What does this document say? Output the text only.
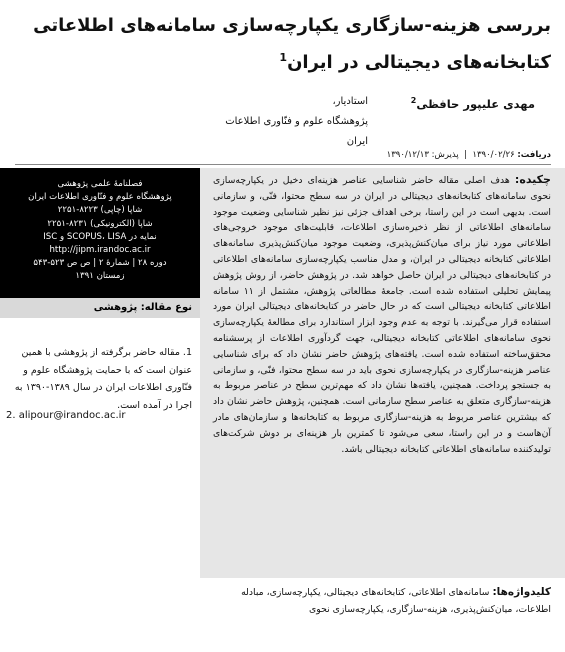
بررسی هزینه-سازگاری یکپارچه‌سازی سامانه‌های اطلاعاتی کتابخانه‌های دیجیتالی در ایران$^1$
مهدی علیپور حافظی$^2$
استادیار،
پژوهشگاه علوم و فنّاوری اطلاعات ایران
دریافت: ۱۳۹۰/۰۲/۲۶  |  پذیرش: ۱۳۹۰/۱۲/۱۳
فصلنامهٔ علمی پژوهشی
پژوهشگاه علوم و فنّاوری اطلاعات ایران
شاپا (چاپی) ۸۲۲۳-۲۲۵۱
شاپا (الکترونیکی) ۸۲۳۱-۲۲۵۱
نمایه در SCOPUS، LISA و ISC
http://jipm.irandoc.ac.ir
دوره ۲۸ | شمارهٔ ۲ | ص ص ۵۲۳-۵۴۳
زمستان ۱۳۹۱
نوع مقاله: پژوهشی
1. مقاله حاضر برگرفته از پژوهشی با همین عنوان است که با حمایت پژوهشگاه علوم و فنّاوری اطلاعات ایران در سال ۱۳۸۹-۱۳۹۰ به اجرا در آمده است.
2. alipour@irandoc.ac.ir
چکیده: هدف اصلی مقاله حاضر شناسایی عناصر هزینه‌ای دخیل در یکپارچه‌سازی نحوی سامانه‌های کتابخانه‌های دیجیتالی در ایران در سه سطح محتوا، فنّی، و سازمانی است. بدیهی است در این راستا، برخی اهداف جزئی نیز نظیر شناسایی وضعیت موجود سامانه‌های اطلاعاتی از نظر ذخیره‌سازی اطلاعات، قابلیت‌های موجود خروجی‌های اطلاعاتی مورد نیاز برای میان‌کنش‌پذیری، وضعیت موجود میان‌کنش‌پذیری سامانه‌های اطلاعاتی کتابخانه دیجیتالی در ایران، و مدل مناسب یکپارچه‌سازی سامانه‌های اطلاعاتی در کتابخانه‌های دیجیتالی در ایران حاصل خواهد شد. در پژوهش حاضر، از روش پژوهش پیمایش تحلیلی استفاده شده است. جامعهٔ مطالعاتی پژوهش، مشتمل از ۱۱ سامانه اطلاعاتی کتابخانه دیجیتالی است که در حال حاضر در کتابخانه‌های دیجیتالی ایران مورد استفاده قرار می‌گیرند. با توجه به عدم وجود ابزار استاندارد برای مطالعهٔ یکپارچه‌سازی نحوی سامانه‌های اطلاعاتی کتابخانه دیجیتالی، جهت گردآوری اطلاعات از پرسشنامه محقق‌ساخته استفاده شده است. یافته‌های پژوهش حاضر نشان داد که برای شناسایی عناصر هزینه-سازگاری در یکپارچه‌سازی نحوی باید در سه سطح محتوا، فنّی، و سازمانی به جستجو پرداخت. همچنین، یافته‌ها نشان داد که مهم‌ترین سطح در عناصر مربوط به هزینه-سازگاری متعلق به عناصر سطح سازمانی است. همچنین، پژوهش حاضر نشان داد که بیشترین عناصر مربوط به هزینه-سازگاری مربوط به کتابخانه‌ها و سازمان‌های مادر آن‌هاست و در این راستا، سعی می‌شود تا کمترین بار هزینه‌ای بر دوش شرکت‌های تولیدکننده سامانه‌های اطلاعاتی کتابخانه دیجیتالی باشد.
کلیدواژه‌ها: سامانه‌های اطلاعاتی، کتابخانه‌های دیجیتالی، یکپارچه‌سازی، مبادله اطلاعات، میان‌کنش‌پذیری، هزینه-سازگاری، یکپارچه‌سازی نحوی
